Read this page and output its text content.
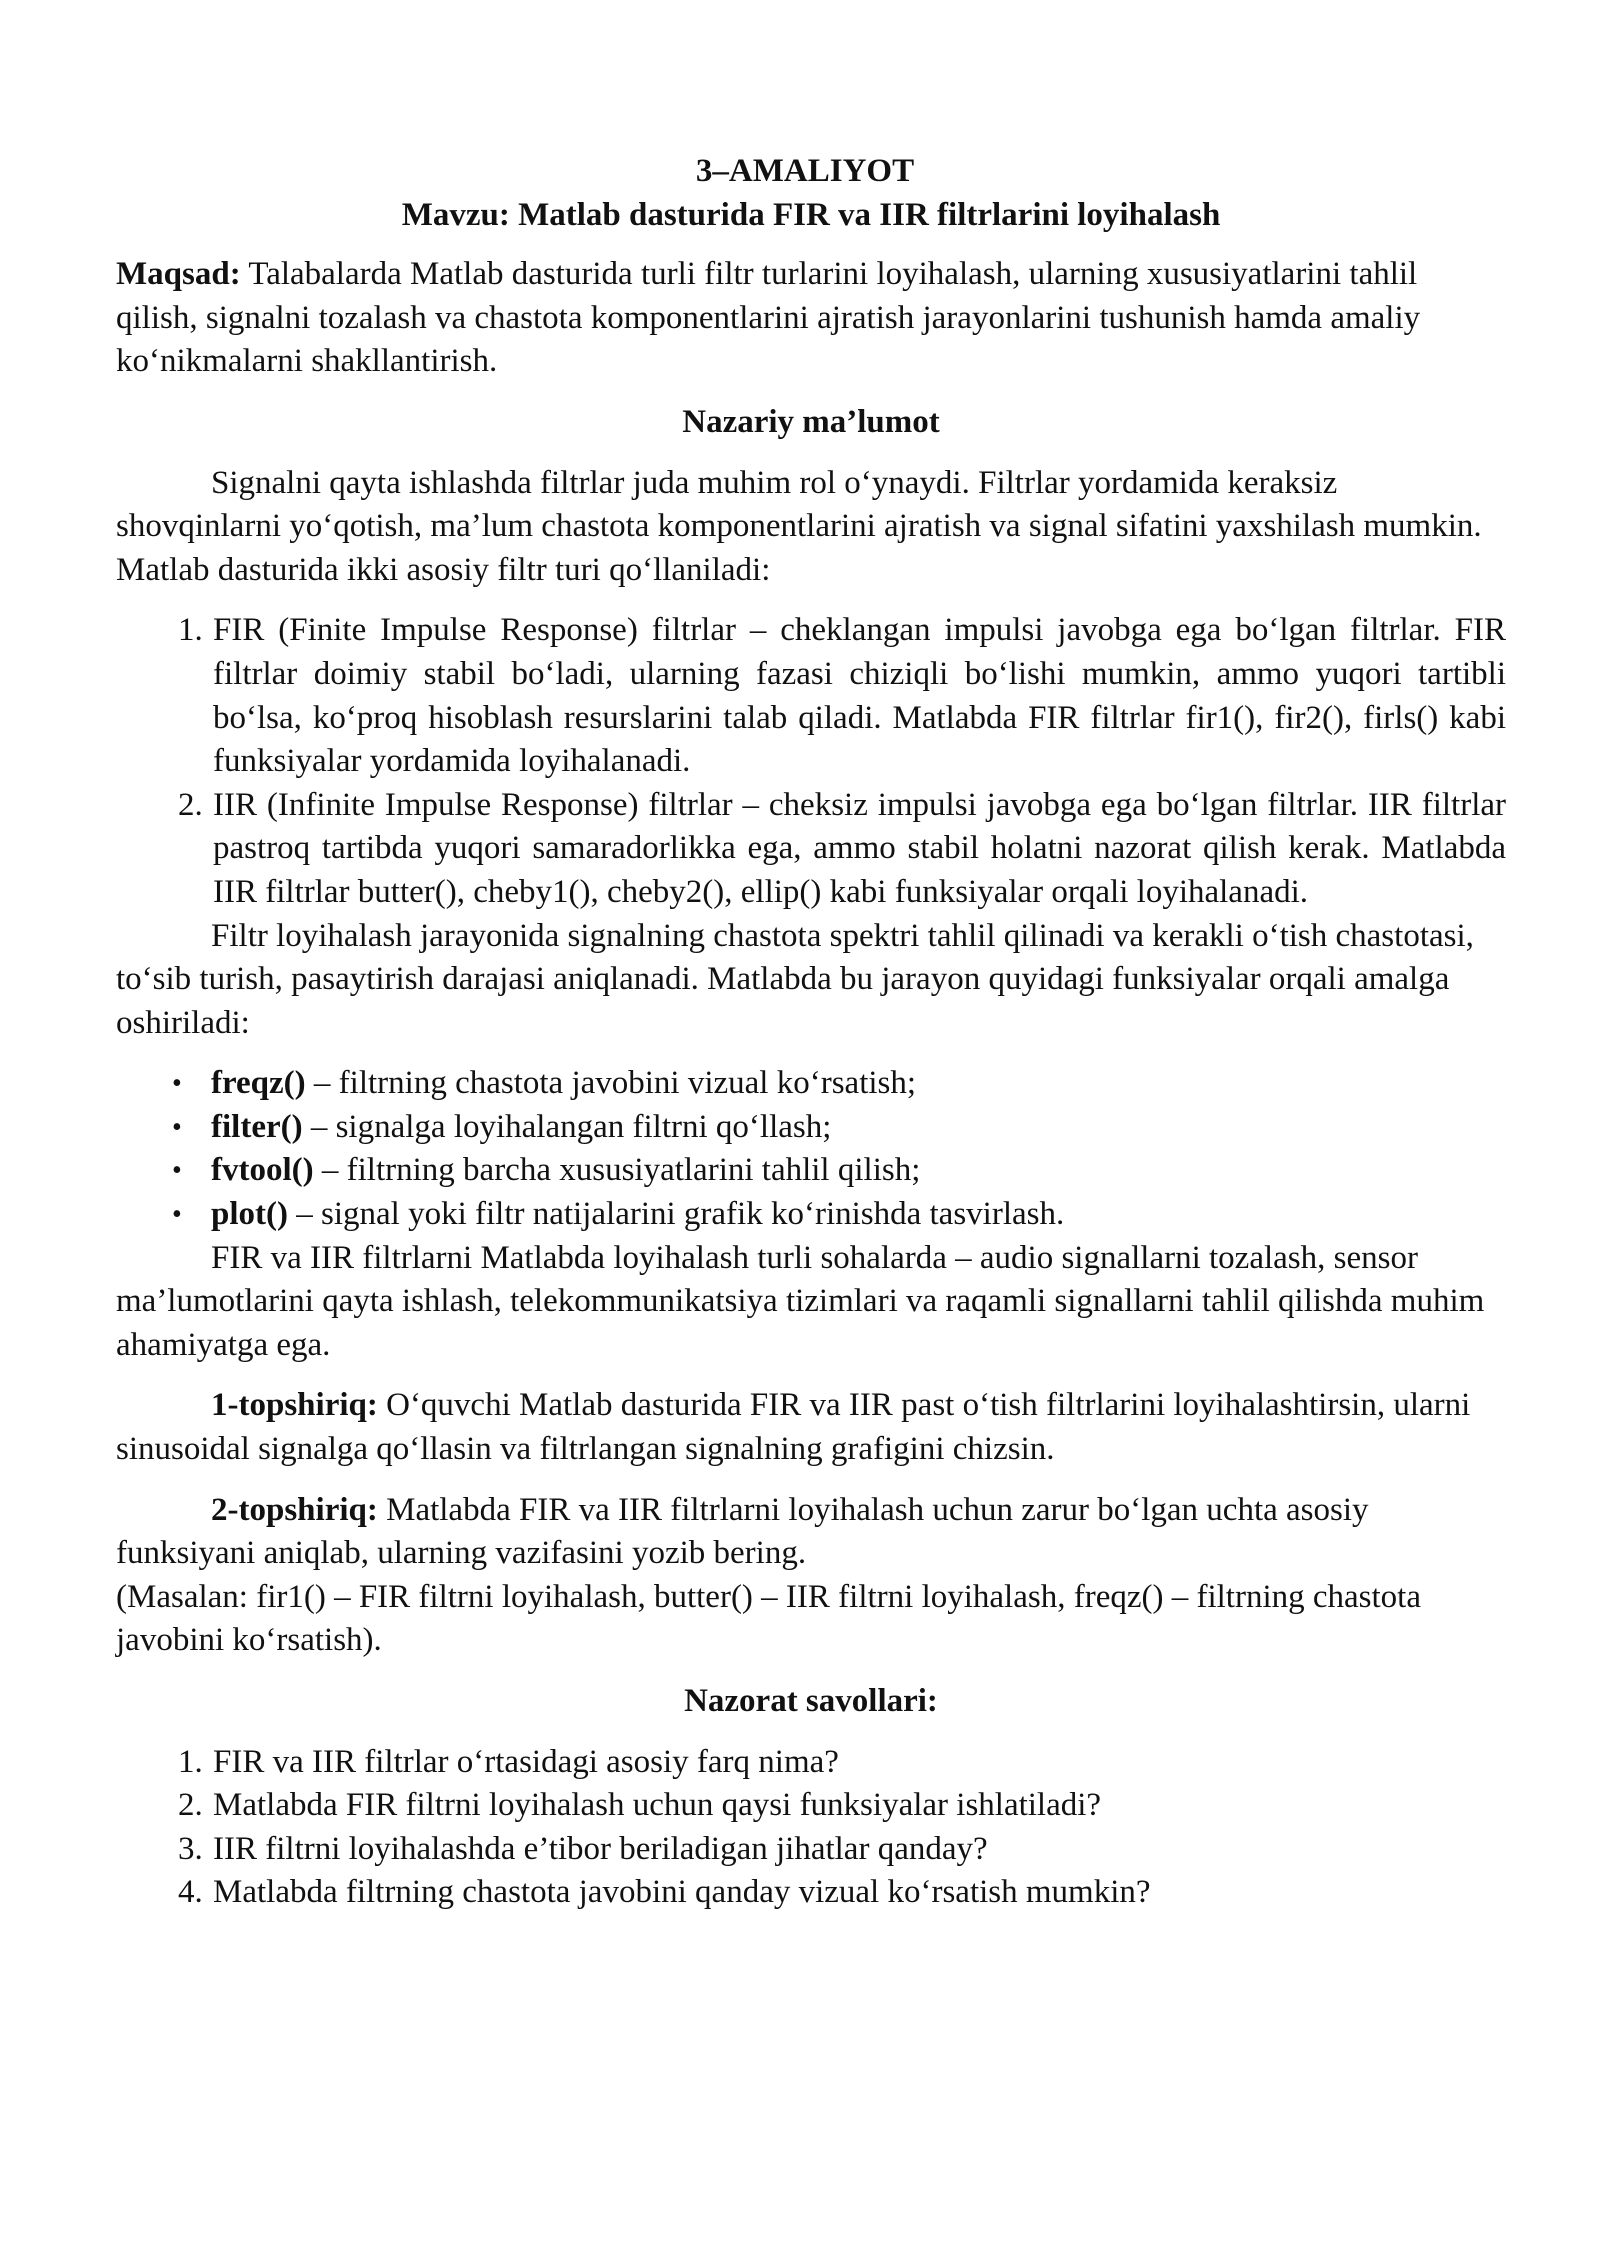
3–AMALIYOT
Mavzu: Matlab dasturida FIR va IIR filtrlarini loyihalash

Maqsad: Talabalarda Matlab dasturida turli filtr turlarini loyihalash, ularning xususiyatlarini tahlil qilish, signalni tozalash va chastota komponentlarini ajratish jarayonlarini tushunish hamda amaliy ko‘nikmalarni shakllantirish.

Nazariy ma’lumot

Signalni qayta ishlashda filtrlar juda muhim rol o‘ynaydi. Filtrlar yordamida keraksiz shovqinlarni yo‘qotish, ma’lum chastota komponentlarini ajratish va signal sifatini yaxshilash mumkin. Matlab dasturida ikki asosiy filtr turi qo‘llaniladi:

1. FIR (Finite Impulse Response) filtrlar – cheklangan impulsi javobga ega bo‘lgan filtrlar. FIR filtrlar doimiy stabil bo‘ladi, ularning fazasi chiziqli bo‘lishi mumkin, ammo yuqori tartibli bo‘lsa, ko‘proq hisoblash resurslarini talab qiladi. Matlabda FIR filtrlar fir1(), fir2(), firls() kabi funksiyalar yordamida loyihalanadi.
2. IIR (Infinite Impulse Response) filtrlar – cheksiz impulsi javobga ega bo‘lgan filtrlar. IIR filtrlar pastroq tartibda yuqori samaradorlikka ega, ammo stabil holatni nazorat qilish kerak. Matlabda IIR filtrlar butter(), cheby1(), cheby2(), ellip() kabi funksiyalar orqali loyihalanadi.

Filtr loyihalash jarayonida signalning chastota spektri tahlil qilinadi va kerakli o‘tish chastotasi, to‘sib turish, pasaytirish darajasi aniqlanadi. Matlabda bu jarayon quyidagi funksiyalar orqali amalga oshiriladi:

• freqz() – filtrning chastota javobini vizual ko‘rsatish;
• filter() – signalga loyihalangan filtrni qo‘llash;
• fvtool() – filtrning barcha xususiyatlarini tahlil qilish;
• plot() – signal yoki filtr natijalarini grafik ko‘rinishda tasvirlash.

FIR va IIR filtrlarni Matlabda loyihalash turli sohalarda – audio signallarni tozalash, sensor ma’lumotlarini qayta ishlash, telekommunikatsiya tizimlari va raqamli signallarni tahlil qilishda muhim ahamiyatga ega.

1-topshiriq: O‘quvchi Matlab dasturida FIR va IIR past o‘tish filtrlarini loyihalashtirsin, ularni sinusoidal signalga qo‘llasin va filtrlangan signalning grafigini chizsin.

2-topshiriq: Matlabda FIR va IIR filtrlarni loyihalash uchun zarur bo‘lgan uchta asosiy funksiyani aniqlab, ularning vazifasini yozib bering.

(Masalan: fir1() – FIR filtrni loyihalash, butter() – IIR filtrni loyihalash, freqz() – filtrning chastota javobini ko‘rsatish).

Nazorat savollari:
1. FIR va IIR filtrlar o‘rtasidagi asosiy farq nima?
2. Matlabda FIR filtrni loyihalash uchun qaysi funksiyalar ishlatiladi?
3. IIR filtrni loyihalashda e’tibor beriladigan jihatlar qanday?
4. Matlabda filtrning chastota javobini qanday vizual ko‘rsatish mumkin?
